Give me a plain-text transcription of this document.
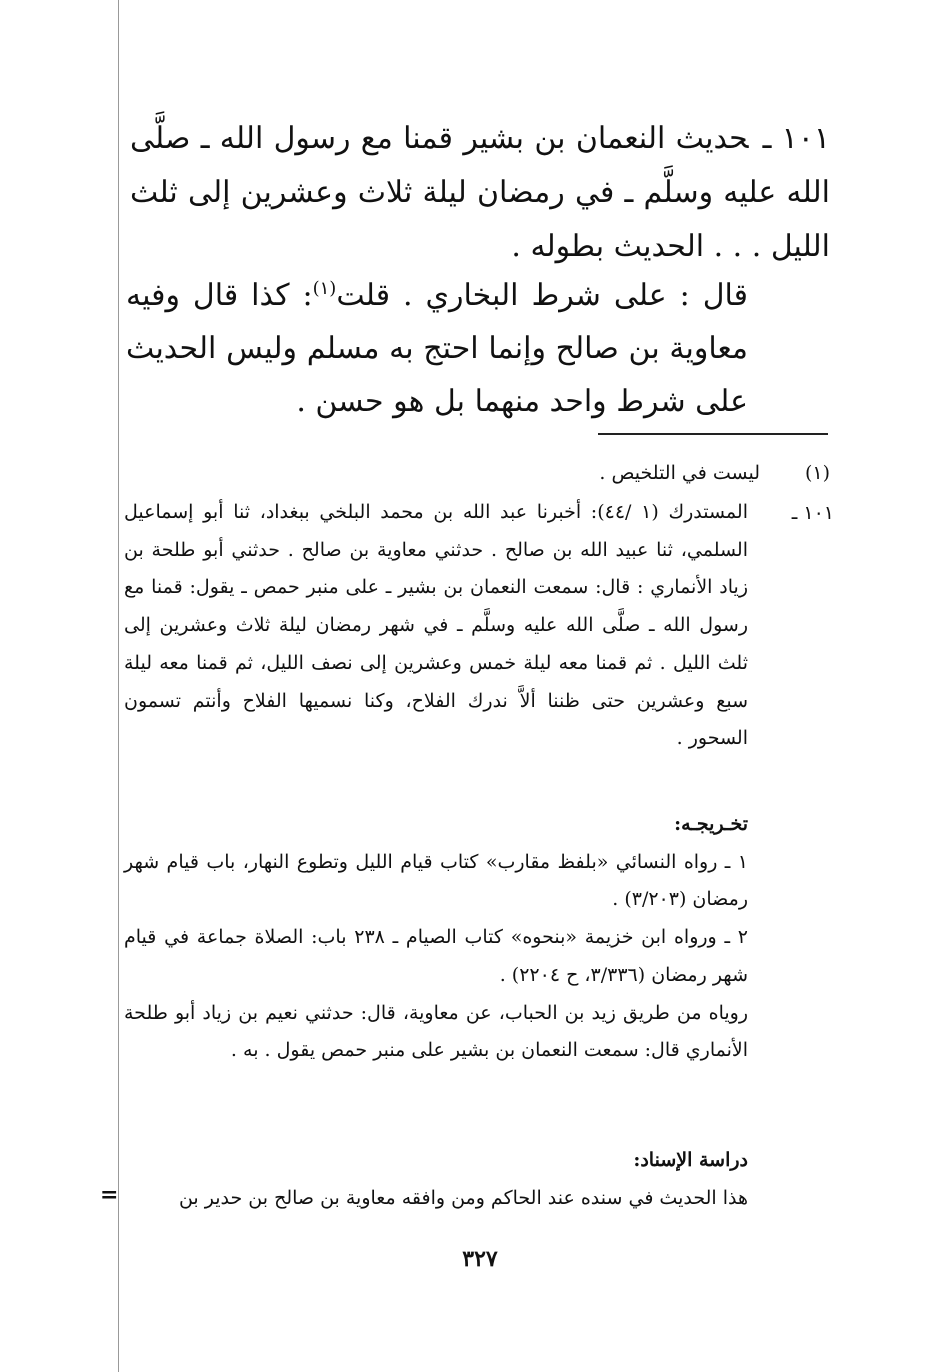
١٠١ ـحديث النعمان بن بشير قمنا مع رسول الله ـ صلَّى الله عليه وسلَّم ـ في رمضان ليلة ثلاث وعشرين إلى ثلث الليل . . . الحديث بطوله .

قال : على شرط البخاري . قلت$^{(١)}$: كذا قال وفيه معاوية بن صالح وإنما احتج به مسلم وليس الحديث على شرط واحد منهما بل هو حسن .

(١)ليست في التلخيص .
١٠١ ـ

المستدرك (١ /٤٤): أخبرنا عبد الله بن محمد البلخي ببغداد، ثنا أبو إسماعيل السلمي، ثنا عبيد الله بن صالح . حدثني معاوية بن صالح . حدثني أبو طلحة بن زياد الأنماري : قال: سمعت النعمان بن بشير ـ على منبر حمص ـ يقول: قمنا مع رسول الله ـ صلَّى الله عليه وسلَّم ـ في شهر رمضان ليلة ثلاث وعشرين إلى ثلث الليل . ثم قمنا معه ليلة خمس وعشرين إلى نصف الليل، ثم قمنا معه ليلة سبع وعشرين حتى ظننا ألاَّ ندرك الفلاح، وكنا نسميها الفلاح وأنتم تسمون السحور .

تخـريجـه:
١ ـ رواه النسائي «بلفظ مقارب» كتاب قيام الليل وتطوع النهار، باب قيام شهر رمضان (٣/٢٠٣) .
٢ ـ ورواه ابن خزيمة «بنحوه» كتاب الصيام ـ ٢٣٨ باب: الصلاة جماعة في قيام شهر رمضان (٣/٣٣٦، ح ٢٢٠٤) .
روياه من طريق زيد بن الحباب، عن معاوية، قال: حدثني نعيم بن زياد أبو طلحة الأنماري قال: سمعت النعمان بن بشير على منبر حمص يقول . به .
دراسة الإسناد:
هذا الحديث في سنده عند الحاكم ومن وافقه معاوية بن صالح بن حدير بن
=
٣٢٧
